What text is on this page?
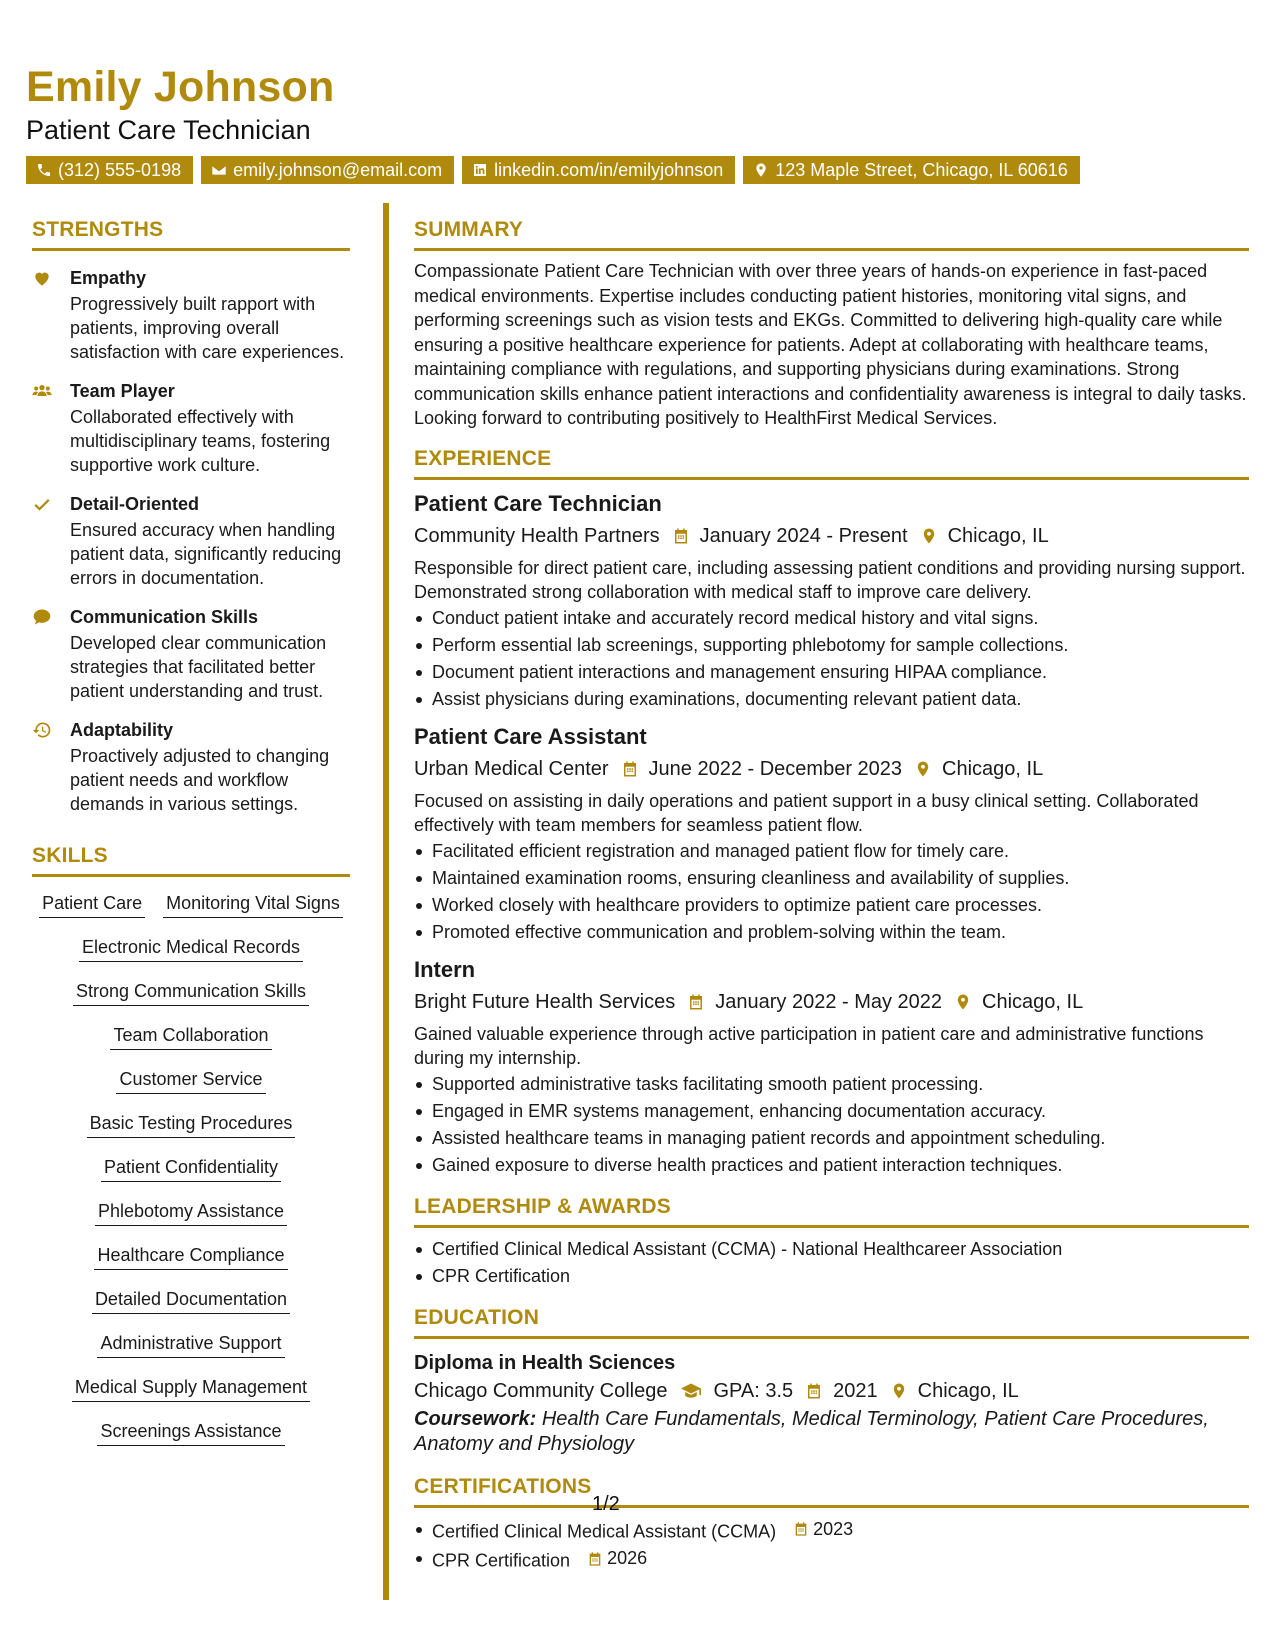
Emily Johnson
Patient Care Technician
(312) 555-0198	emily.johnson@email.com	linkedin.com/in/emilyjohnson	123 Maple Street, Chicago, IL 60616
STRENGTHS
Empathy
Progressively built rapport with patients, improving overall satisfaction with care experiences.
Team Player
Collaborated effectively with multidisciplinary teams, fostering supportive work culture.
Detail-Oriented
Ensured accuracy when handling patient data, significantly reducing errors in documentation.
Communication Skills
Developed clear communication strategies that facilitated better patient understanding and trust.
Adaptability
Proactively adjusted to changing patient needs and workflow demands in various settings.
SKILLS
Patient Care Monitoring Vital Signs
Electronic Medical Records
Strong Communication Skills
Team Collaboration
Customer Service
Basic Testing Procedures
Patient Confidentiality
Phlebotomy Assistance
Healthcare Compliance
Detailed Documentation
Administrative Support
Medical Supply Management
Screenings Assistance
SUMMARY
Compassionate Patient Care Technician with over three years of hands-on experience in fast-paced medical environments. Expertise includes conducting patient histories, monitoring vital signs, and performing screenings such as vision tests and EKGs. Committed to delivering high-quality care while ensuring a positive healthcare experience for patients. Adept at collaborating with healthcare teams, maintaining compliance with regulations, and supporting physicians during examinations. Strong communication skills enhance patient interactions and confidentiality awareness is integral to daily tasks. Looking forward to contributing positively to HealthFirst Medical Services.
EXPERIENCE
Patient Care Technician
Community Health Partners January 2024 - Present Chicago, IL
Responsible for direct patient care, including assessing patient conditions and providing nursing support. Demonstrated strong collaboration with medical staff to improve care delivery.
Conduct patient intake and accurately record medical history and vital signs.
Perform essential lab screenings, supporting phlebotomy for sample collections.
Document patient interactions and management ensuring HIPAA compliance.
Assist physicians during examinations, documenting relevant patient data.
Patient Care Assistant
Urban Medical Center June 2022 - December 2023 Chicago, IL
Focused on assisting in daily operations and patient support in a busy clinical setting. Collaborated effectively with team members for seamless patient flow.
Facilitated efficient registration and managed patient flow for timely care.
Maintained examination rooms, ensuring cleanliness and availability of supplies.
Worked closely with healthcare providers to optimize patient care processes.
Promoted effective communication and problem-solving within the team.
Intern
Bright Future Health Services January 2022 - May 2022 Chicago, IL
Gained valuable experience through active participation in patient care and administrative functions during my internship.
Supported administrative tasks facilitating smooth patient processing.
Engaged in EMR systems management, enhancing documentation accuracy.
Assisted healthcare teams in managing patient records and appointment scheduling.
Gained exposure to diverse health practices and patient interaction techniques.
LEADERSHIP & AWARDS
Certified Clinical Medical Assistant (CCMA) - National Healthcareer Association
CPR Certification
EDUCATION
Diploma in Health Sciences
Chicago Community College GPA: 3.5 2021 Chicago, IL
Coursework: Health Care Fundamentals, Medical Terminology, Patient Care Procedures, Anatomy and Physiology
CERTIFICATIONS
Certified Clinical Medical Assistant (CCMA) 2023
CPR Certification 2026
1/2
